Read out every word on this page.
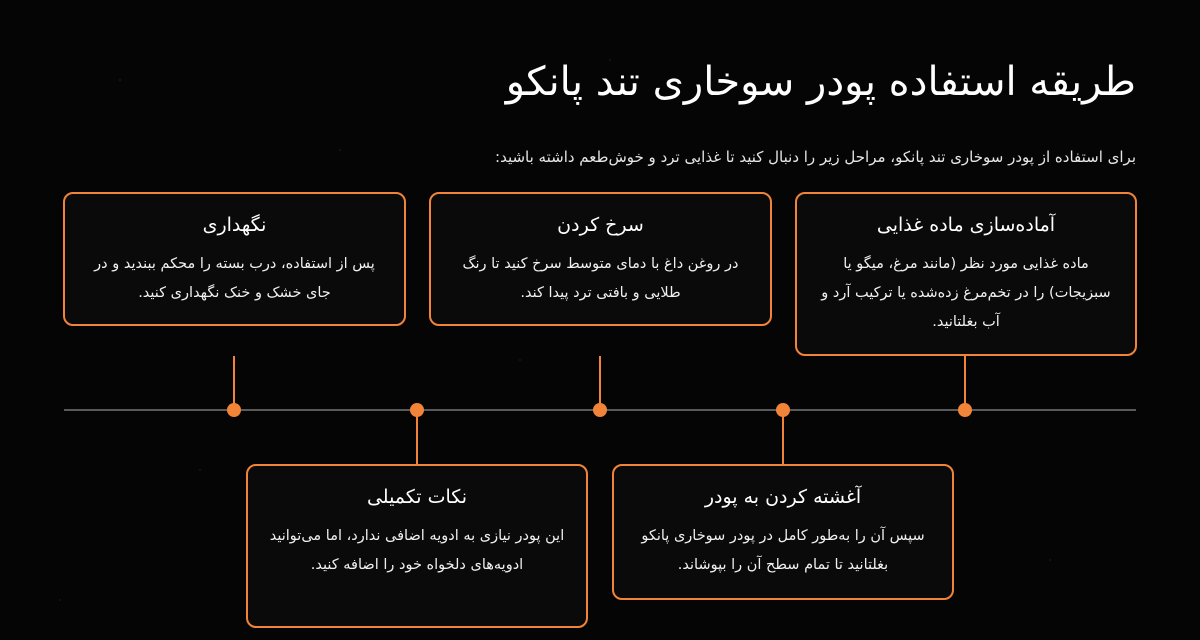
طریقه استفاده پودر سوخاری تند پانکو

برای استفاده از پودر سوخاری تند پانکو، مراحل زیر را دنبال کنید تا غذایی ترد و خوش‌طعم داشته باشید:

آماده‌سازی ماده غذایی

ماده غذایی مورد نظر (مانند مرغ، میگو یا سبزیجات) را در تخم‌مرغ زده‌شده یا ترکیب آرد و آب بغلتانید.

آغشته کردن به پودر

سپس آن را به‌طور کامل در پودر سوخاری پانکو بغلتانید تا تمام سطح آن را بپوشاند.

سرخ کردن

در روغن داغ با دمای متوسط سرخ کنید تا رنگ طلایی و بافتی ترد پیدا کند.

نکات تکمیلی

این پودر نیازی به ادویه اضافی ندارد، اما می‌توانید ادویه‌های دلخواه خود را اضافه کنید.

نگهداری

پس از استفاده، درب بسته را محکم ببندید و در جای خشک و خنک نگهداری کنید.
